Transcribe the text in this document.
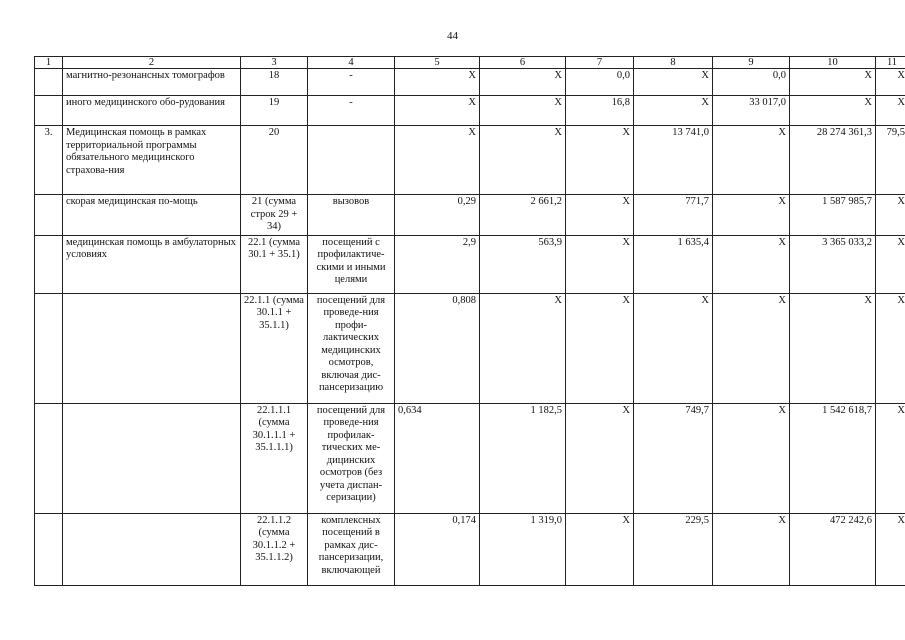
44
1	2	3	4	5	6	7	8	9	10	11
	магнитно-резонансных томографов	18	-	X	X	0,0	X	0,0	X	X
	иного медицинского обо-рудования	19	-	X	X	16,8	X	33 017,0	X	X
3.	Медицинская помощь в рамках территориальной программы обязательного медицинского страхова-ния	20		X	X	X	13 741,0	X	28 274 361,3	79,5
	скорая медицинская по-мощь	21 (сумма строк 29 + 34)	вызовов	0,29	2 661,2	X	771,7	X	1 587 985,7	X
	медицинская помощь в амбулаторных условиях	22.1 (сумма 30.1 + 35.1)	посещений с профилактиче-скими и иными целями	2,9	563,9	X	1 635,4	X	3 365 033,2	X
		22.1.1 (сумма 30.1.1 + 35.1.1)	посещений для проведе-ния профи-лактических медицинских осмотров, включая дис-пансеризацию	0,808	X	X	X	X	X	X
		22.1.1.1 (сумма 30.1.1.1 + 35.1.1.1)	посещений для проведе-ния профилак-тических ме-дицинских осмотров (без учета диспан-серизации)	0,634	1 182,5	X	749,7	X	1 542 618,7	X
		22.1.1.2 (сумма 30.1.1.2 + 35.1.1.2)	комплексных посещений в рамках дис-пансеризации, включающей	0,174	1 319,0	X	229,5	X	472 242,6	X
